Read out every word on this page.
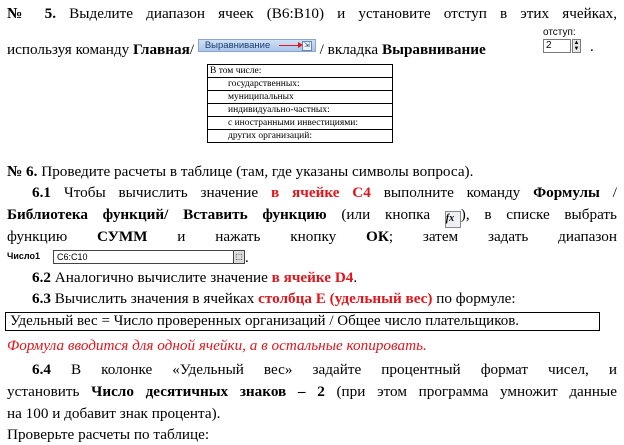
№ 5. Выделите диапазон ячеек (B6:B10) и установите отступ в этих ячейках,
используя команду Главная/ Выравнивание	⇲ / вкладка Выравнивание
отступ:
2	▲
▼ .
В том числе:
государственных:
муниципальных
индивидуально-частных:
с иностранными инвестициями:
других организаций:
№ 6. Проведите расчеты в таблице (там, где указаны символы вопроса).
6.1 Чтобы вычислить значение в ячейке С4 выполните команду Формулы /
Библиотека функций/ Вставить функцию (или кнопка fx ), в списке выбрать
функцию СУММ и нажать кнопку ОК; затем задать диапазон
Число1	C6:C10	⬚ .
6.2 Аналогично вычислите значение в ячейке D4.
6.3 Вычислить значения в ячейках столбца Е (удельный вес) по формуле:
Удельный вес = Число проверенных организаций / Общее число плательщиков.
Формула вводится для одной ячейки, а в остальные копировать.
6.4 В колонке «Удельный вес» задайте процентный формат чисел, и
установить Число десятичных знаков – 2 (при этом программа умножит данные
на 100 и добавит знак процента).
Проверьте расчеты по таблице:
